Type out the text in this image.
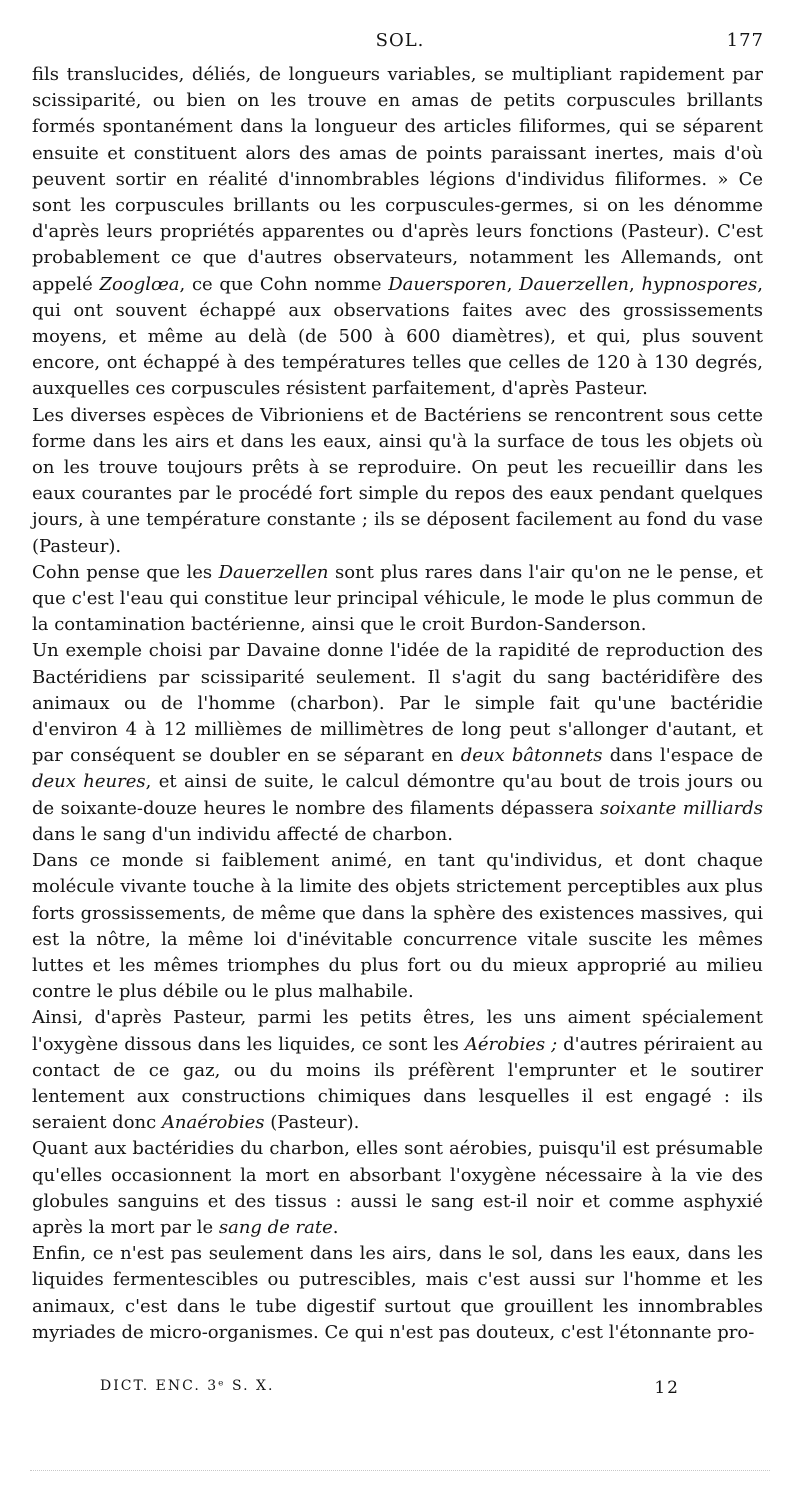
SOL.	177

fils translucides, déliés, de longueurs variables, se multipliant rapidement par scissiparité, ou bien on les trouve en amas de petits corpuscules brillants formés spontanément dans la longueur des articles filiformes, qui se séparent ensuite et constituent alors des amas de points paraissant inertes, mais d'où peuvent sortir en réalité d'innombrables légions d'individus filiformes. » Ce sont les corpuscules brillants ou les corpuscules-germes, si on les dénomme d'après leurs propriétés apparentes ou d'après leurs fonctions (Pasteur). C'est probablement ce que d'autres observateurs, notamment les Allemands, ont appelé Zooglœa, ce que Cohn nomme Dauersporen, Dauerzellen, hypnospores, qui ont souvent échappé aux observations faites avec des grossissements moyens, et même au delà (de 500 à 600 diamètres), et qui, plus souvent encore, ont échappé à des températures telles que celles de 120 à 130 degrés, auxquelles ces corpuscules résistent parfaitement, d'après Pasteur.

Les diverses espèces de Vibrioniens et de Bactériens se rencontrent sous cette forme dans les airs et dans les eaux, ainsi qu'à la surface de tous les objets où on les trouve toujours prêts à se reproduire. On peut les recueillir dans les eaux courantes par le procédé fort simple du repos des eaux pendant quelques jours, à une température constante ; ils se déposent facilement au fond du vase (Pasteur).

Cohn pense que les Dauerzellen sont plus rares dans l'air qu'on ne le pense, et que c'est l'eau qui constitue leur principal véhicule, le mode le plus commun de la contamination bactérienne, ainsi que le croit Burdon-Sanderson.

Un exemple choisi par Davaine donne l'idée de la rapidité de reproduction des Bactéridiens par scissiparité seulement. Il s'agit du sang bactéridifère des animaux ou de l'homme (charbon). Par le simple fait qu'une bactéridie d'environ 4 à 12 millièmes de millimètres de long peut s'allonger d'autant, et par conséquent se doubler en se séparant en deux bâtonnets dans l'espace de deux heures, et ainsi de suite, le calcul démontre qu'au bout de trois jours ou de soixante-douze heures le nombre des filaments dépassera soixante milliards dans le sang d'un individu affecté de charbon.

Dans ce monde si faiblement animé, en tant qu'individus, et dont chaque molécule vivante touche à la limite des objets strictement perceptibles aux plus forts grossissements, de même que dans la sphère des existences massives, qui est la nôtre, la même loi d'inévitable concurrence vitale suscite les mêmes luttes et les mêmes triomphes du plus fort ou du mieux approprié au milieu contre le plus débile ou le plus malhabile.

Ainsi, d'après Pasteur, parmi les petits êtres, les uns aiment spécialement l'oxygène dissous dans les liquides, ce sont les Aérobies ; d'autres périraient au contact de ce gaz, ou du moins ils préfèrent l'emprunter et le soutirer lentement aux constructions chimiques dans lesquelles il est engagé : ils seraient donc Anaérobies (Pasteur).

Quant aux bactéridies du charbon, elles sont aérobies, puisqu'il est présumable qu'elles occasionnent la mort en absorbant l'oxygène nécessaire à la vie des globules sanguins et des tissus : aussi le sang est-il noir et comme asphyxié après la mort par le sang de rate.

Enfin, ce n'est pas seulement dans les airs, dans le sol, dans les eaux, dans les liquides fermentescibles ou putrescibles, mais c'est aussi sur l'homme et les animaux, c'est dans le tube digestif surtout que grouillent les innombrables myriades de micro-organismes. Ce qui n'est pas douteux, c'est l'étonnante pro-

DICT. ENC. 3ᵉ S. X.	12
